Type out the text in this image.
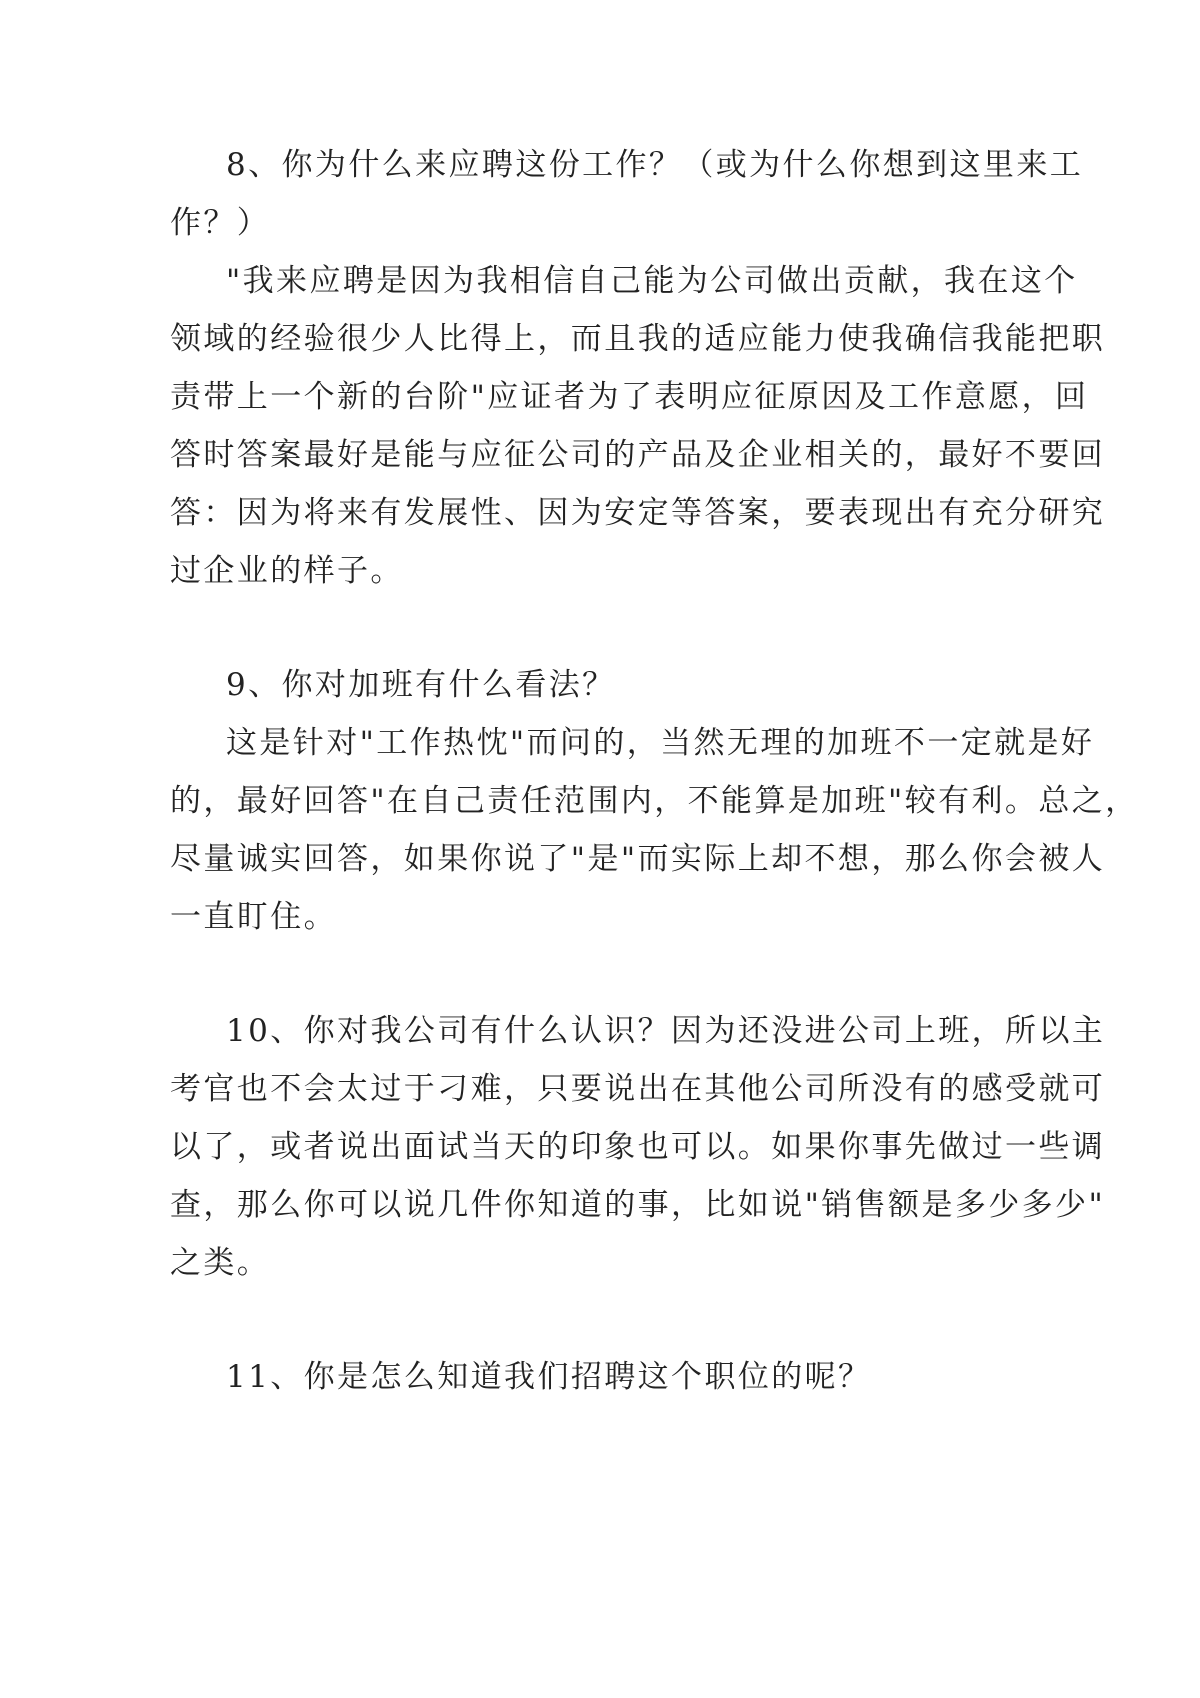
8、你为什么来应聘这份工作？（或为什么你想到这里来工
作？）
"我来应聘是因为我相信自己能为公司做出贡献，我在这个
领域的经验很少人比得上，而且我的适应能力使我确信我能把职
责带上一个新的台阶"应证者为了表明应征原因及工作意愿，回
答时答案最好是能与应征公司的产品及企业相关的，最好不要回
答：因为将来有发展性、因为安定等答案，要表现出有充分研究
过企业的样子。
9、你对加班有什么看法？
这是针对"工作热忱"而问的，当然无理的加班不一定就是好
的，最好回答"在自己责任范围内，不能算是加班"较有利。总之，
尽量诚实回答，如果你说了"是"而实际上却不想，那么你会被人
一直盯住。
10、你对我公司有什么认识？因为还没进公司上班，所以主
考官也不会太过于刁难，只要说出在其他公司所没有的感受就可
以了，或者说出面试当天的印象也可以。如果你事先做过一些调
查，那么你可以说几件你知道的事，比如说"销售额是多少多少"
之类。
11、你是怎么知道我们招聘这个职位的呢？
